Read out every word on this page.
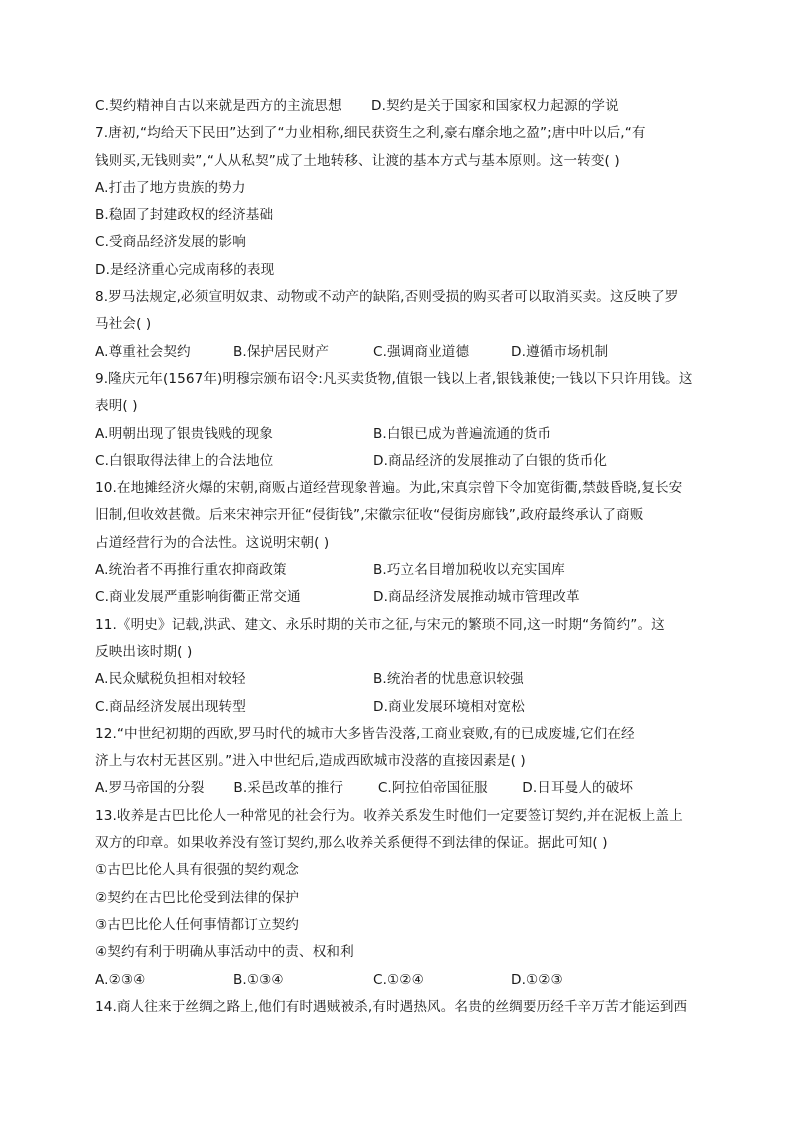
C.契约精神自古以来就是西方的主流思想	D.契约是关于国家和国家权力起源的学说
7.唐初,“均给天下民田”达到了“力业相称,细民获资生之利,豪右靡余地之盈”;唐中叶以后,“有
钱则买,无钱则卖”,“人从私契”成了土地转移、让渡的基本方式与基本原则。这一转变( )
A.打击了地方贵族的势力
B.稳固了封建政权的经济基础
C.受商品经济发展的影响
D.是经济重心完成南移的表现
8.罗马法规定,必须宣明奴隶、动物或不动产的缺陷,否则受损的购买者可以取消买卖。这反映了罗
马社会( )
A.尊重社会契约	B.保护居民财产	C.强调商业道德	D.遵循市场机制
9.隆庆元年(1567年)明穆宗颁布诏令:凡买卖货物,值银一钱以上者,银钱兼使;一钱以下只许用钱。这
表明( )
A.明朝出现了银贵钱贱的现象	B.白银已成为普遍流通的货币
C.白银取得法律上的合法地位	D.商品经济的发展推动了白银的货币化
10.在地摊经济火爆的宋朝,商贩占道经营现象普遍。为此,宋真宗曾下令加宽街衢,禁鼓昏晓,复长安
旧制,但收效甚微。后来宋神宗开征“侵街钱”,宋徽宗征收“侵街房廊钱”,政府最终承认了商贩
占道经营行为的合法性。这说明宋朝( )
A.统治者不再推行重农抑商政策	B.巧立名目增加税收以充实国库
C.商业发展严重影响街衢正常交通	D.商品经济发展推动城市管理改革
11.《明史》记载,洪武、建文、永乐时期的关市之征,与宋元的繁琐不同,这一时期“务简约”。这
反映出该时期( )
A.民众赋税负担相对较轻	B.统治者的忧患意识较强
C.商品经济发展出现转型	D.商业发展环境相对宽松
12.“中世纪初期的西欧,罗马时代的城市大多皆告没落,工商业衰败,有的已成废墟,它们在经
济上与农村无甚区别。”进入中世纪后,造成西欧城市没落的直接因素是( )
A.罗马帝国的分裂 B.采邑改革的推行	C.阿拉伯帝国征服	D.日耳曼人的破坏
13.收养是古巴比伦人一种常见的社会行为。收养关系发生时他们一定要签订契约,并在泥板上盖上
双方的印章。如果收养没有签订契约,那么收养关系便得不到法律的保证。据此可知( )
①古巴比伦人具有很强的契约观念
②契约在古巴比伦受到法律的保护
③古巴比伦人任何事情都订立契约
④契约有利于明确从事活动中的责、权和利
A.②③④	B.①③④	C.①②④	D.①②③
14.商人往来于丝绸之路上,他们有时遇贼被杀,有时遇热风。名贵的丝绸要历经千辛万苦才能运到西
